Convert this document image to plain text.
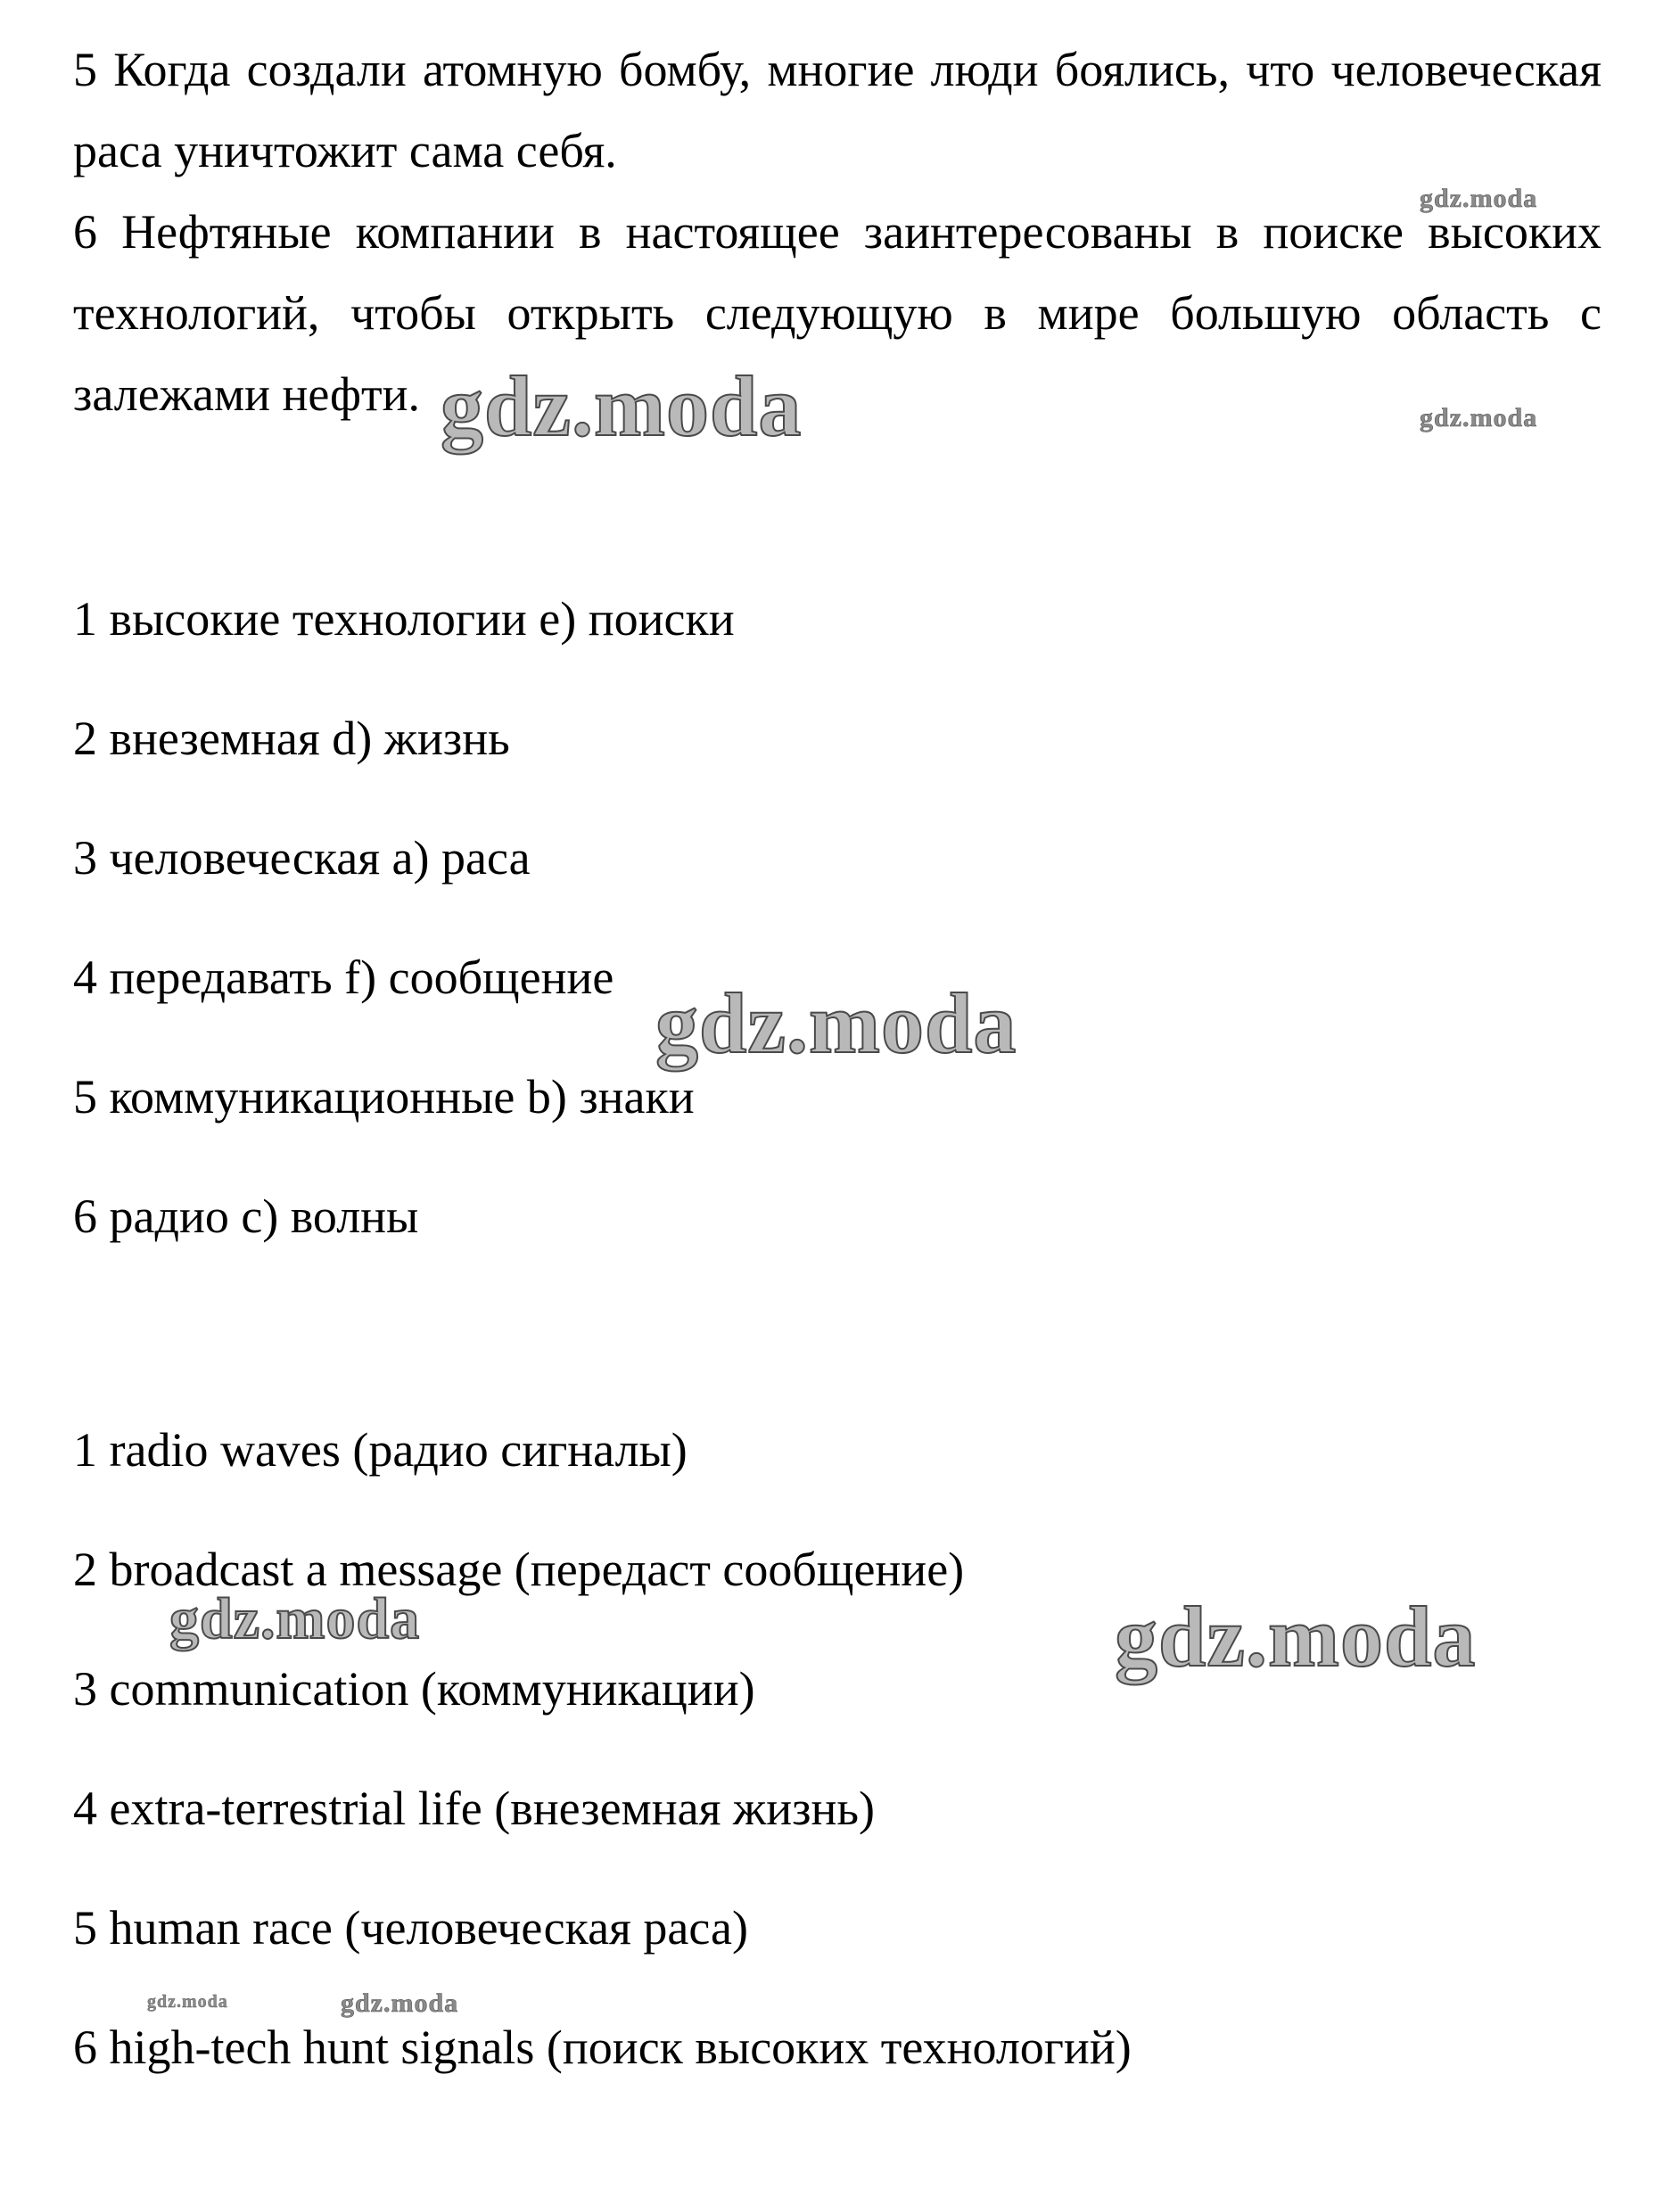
5 Когда создали атомную бомбу, многие люди боялись, что человеческая раса уничтожит сама себя.

6 Нефтяные компании в настоящее заинтересованы в поиске высоких технологий, чтобы открыть следующую в мире большую область с залежами нефти.

1 высокие технологии e) поиски

2 внеземная d) жизнь

3 человеческая a) раса

4 передавать f) сообщение

5 коммуникационные b) знаки

6 радио c) волны

1 radio waves (радио сигналы)

2 broadcast a message (передаст сообщение)

3 communication (коммуникации)

4 extra-terrestrial life (внеземная жизнь)

5 human race (человеческая раса)

6 high-tech hunt signals (поиск высоких технологий)

gdz.moda
gdz.moda	gdz.moda
gdz.moda
gdz.moda	gdz.moda
gdz.moda	gdz.moda
